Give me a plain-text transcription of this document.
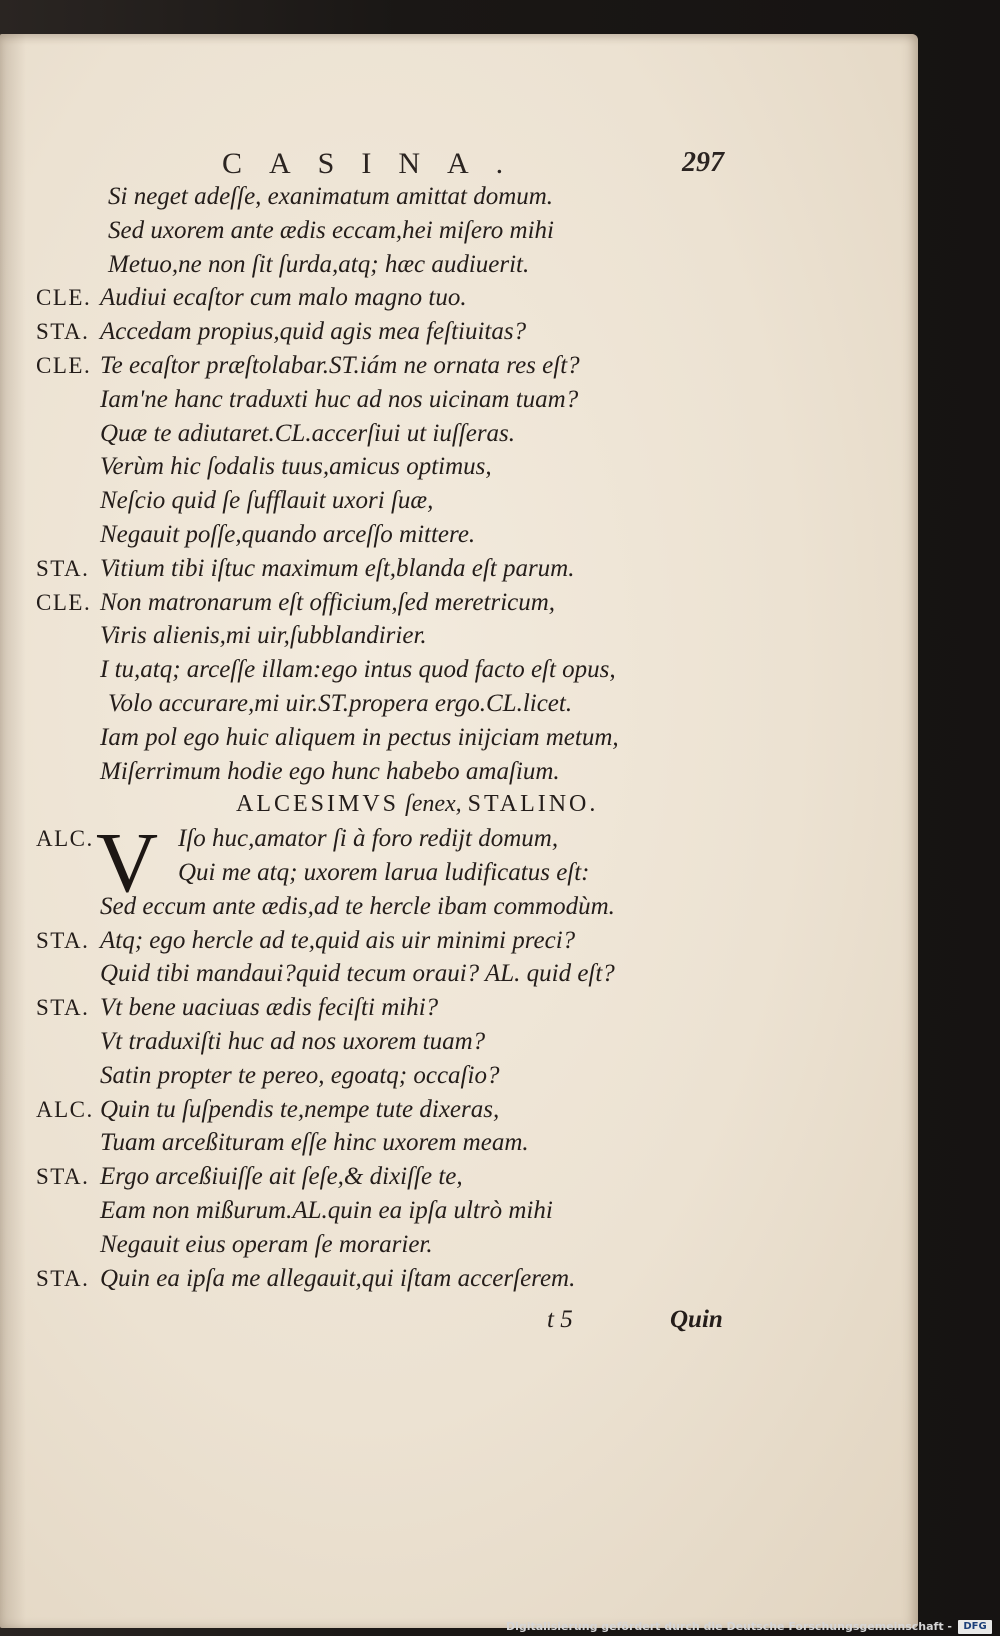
CASINA.	297
Si neget adeſſe, exanimatum amittat domum.
Sed uxorem ante ædis eccam,hei miſero mihi
Metuo,ne non ſit ſurda,atq; hæc audiuerit.
CLE. Audiui ecaſtor cum malo magno tuo.
STA. Accedam propius,quid agis mea feſtiuitas?
CLE. Te ecaſtor præſtolabar.ST.iám ne ornata res eſt?
Iam'ne hanc traduxti huc ad nos uicinam tuam?
Quæ te adiutaret.CL.accerſiui ut iuſſeras.
Verùm hic ſodalis tuus,amicus optimus,
Neſcio quid ſe ſufflauit uxori ſuæ,
Negauit poſſe,quando arceſſo mittere.
STA. Vitium tibi iſtuc maximum eſt,blanda eſt parum.
CLE. Non matronarum eſt officium,ſed meretricum,
Viris alienis,mi uir,ſubblandirier.
I tu,atq; arceſſe illam:ego intus quod facto eſt opus,
Volo accurare,mi uir.ST.propera ergo.CL.licet.
Iam pol ego huic aliquem in pectus inijciam metum,
Miſerrimum hodie ego hunc habebo amaſium.
ALCESIMVS ſenex, STALINO.
ALC. V Iſo huc,amator ſi à foro redijt domum,
Qui me atq; uxorem larua ludificatus eſt:
Sed eccum ante ædis,ad te hercle ibam commodùm.
STA. Atq; ego hercle ad te,quid ais uir minimi preci?
Quid tibi mandaui?quid tecum oraui? AL. quid eſt?
STA. Vt bene uaciuas ædis feciſti mihi?
Vt traduxiſti huc ad nos uxorem tuam?
Satin propter te pereo, egoatq; occaſio?
ALC. Quin tu ſuſpendis te,nempe tute dixeras,
Tuam arceßituram eſſe hinc uxorem meam.
STA. Ergo arceßiuiſſe ait ſeſe,& dixiſſe te,
Eam non mißurum.AL.quin ea ipſa ultrò mihi
Negauit eius operam ſe morarier.
STA. Quin ea ipſa me allegauit,qui iſtam accerſerem.
t 5	Quin
Digitalisierung gefördert durch die Deutsche Forschungsgemeinschaft -	DFG
